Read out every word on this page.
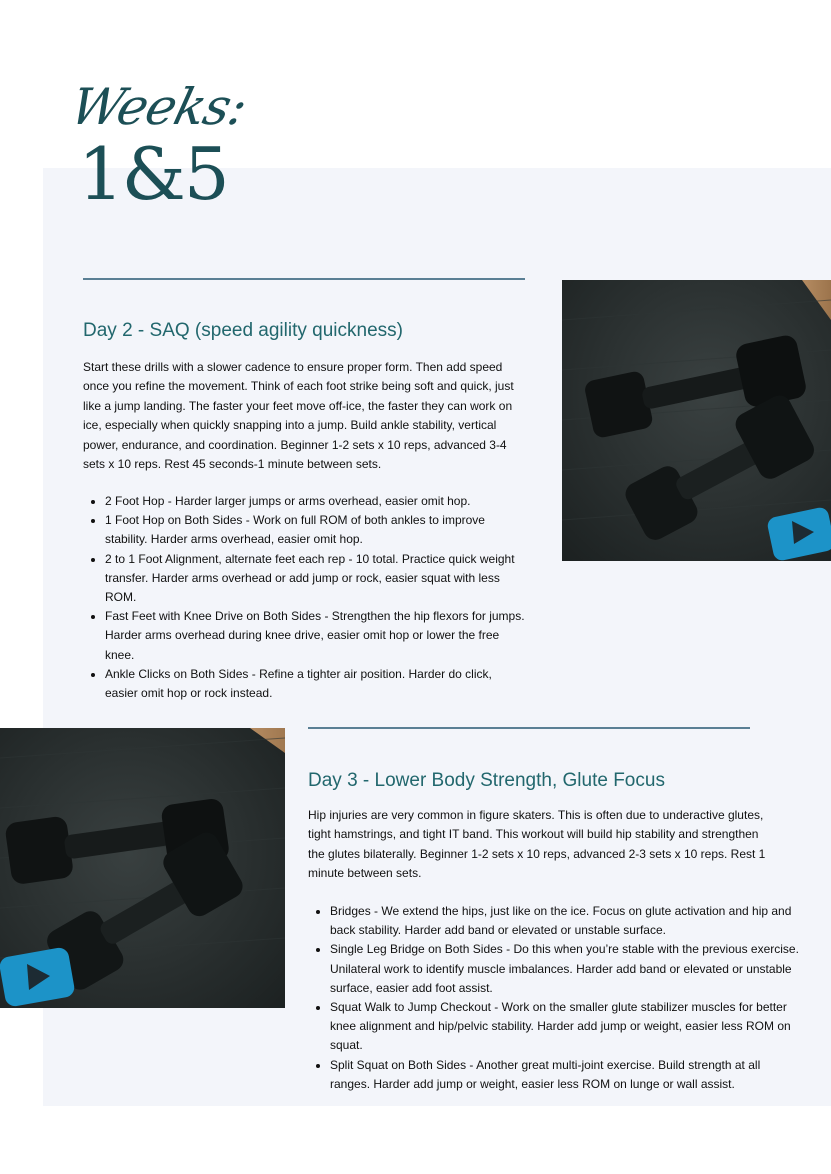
Weeks:
1&5
Day 2 - SAQ (speed agility quickness)

Start these drills with a slower cadence to ensure proper form. Then add speed once you refine the movement. Think of each foot strike being soft and quick, just like a jump landing. The faster your feet move off-ice, the faster they can work on ice, especially when quickly snapping into a jump. Build ankle stability, vertical power, endurance, and coordination. Beginner 1-2 sets x 10 reps, advanced 3-4 sets x 10 reps. Rest 45 seconds-1 minute between sets.

• 2 Foot Hop - Harder larger jumps or arms overhead, easier omit hop.
• 1 Foot Hop on Both Sides - Work on full ROM of both ankles to improve stability. Harder arms overhead, easier omit hop.
• 2 to 1 Foot Alignment, alternate feet each rep - 10 total. Practice quick weight transfer. Harder arms overhead or add jump or rock, easier squat with less ROM.
• Fast Feet with Knee Drive on Both Sides - Strengthen the hip flexors for jumps. Harder arms overhead during knee drive, easier omit hop or lower the free knee.
• Ankle Clicks on Both Sides - Refine a tighter air position. Harder do click, easier omit hop or rock instead.
Day 3 - Lower Body Strength, Glute Focus

Hip injuries are very common in figure skaters. This is often due to underactive glutes, tight hamstrings, and tight IT band. This workout will build hip stability and strengthen the glutes bilaterally. Beginner 1-2 sets x 10 reps, advanced 2-3 sets x 10 reps. Rest 1 minute between sets.

• Bridges - We extend the hips, just like on the ice. Focus on glute activation and hip and back stability. Harder add band or elevated or unstable surface.
• Single Leg Bridge on Both Sides - Do this when you’re stable with the previous exercise. Unilateral work to identify muscle imbalances. Harder add band or elevated or unstable surface, easier add foot assist.
• Squat Walk to Jump Checkout - Work on the smaller glute stabilizer muscles for better knee alignment and hip/pelvic stability. Harder add jump or weight, easier less ROM on squat.
• Split Squat on Both Sides - Another great multi-joint exercise. Build strength at all ranges. Harder add jump or weight, easier less ROM on lunge or wall assist.
